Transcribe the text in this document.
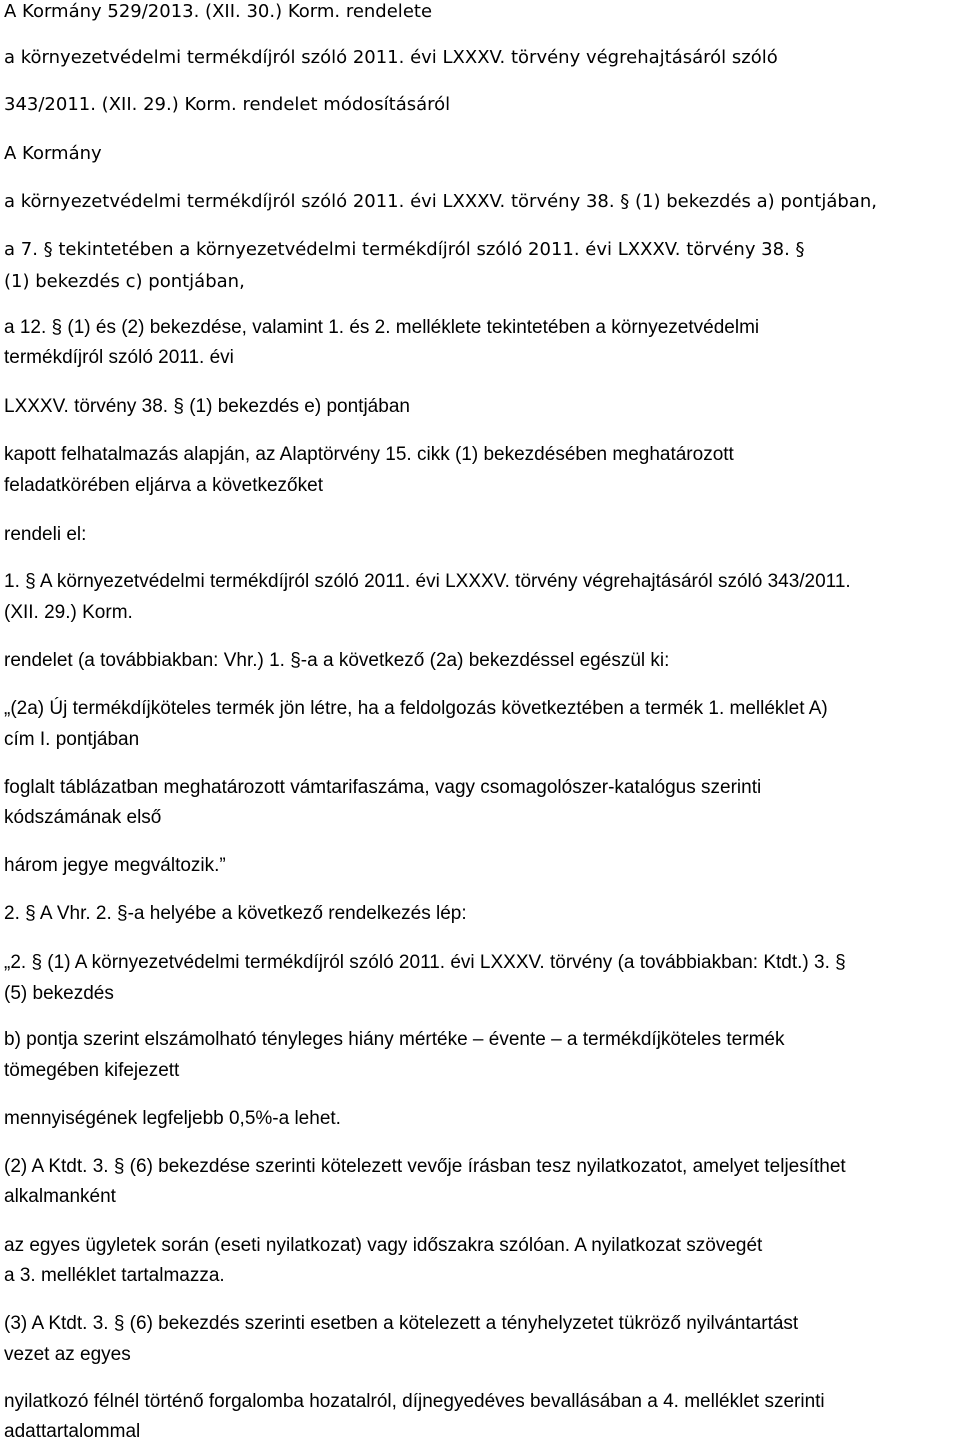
A Kormány 529/2013. (XII. 30.) Korm. rendelete
a környezetvédelmi termékdíjról szóló 2011. évi LXXXV. törvény végrehajtásáról szóló
343/2011. (XII. 29.) Korm. rendelet módosításáról
A Kormány
a környezetvédelmi termékdíjról szóló 2011. évi LXXXV. törvény 38. § (1) bekezdés a) pontjában,
a 7. § tekintetében a környezetvédelmi termékdíjról szóló 2011. évi LXXXV. törvény 38. §
(1) bekezdés c) pontjában,
a 12. § (1) és (2) bekezdése, valamint 1. és 2. melléklete tekintetében a környezetvédelmi
termékdíjról szóló 2011. évi
LXXXV. törvény 38. § (1) bekezdés e) pontjában
kapott felhatalmazás alapján, az Alaptörvény 15. cikk (1) bekezdésében meghatározott
feladatkörében eljárva a következőket
rendeli el:
1. § A környezetvédelmi termékdíjról szóló 2011. évi LXXXV. törvény végrehajtásáról szóló 343/2011.
(XII. 29.) Korm.
rendelet (a továbbiakban: Vhr.) 1. §-a a következő (2a) bekezdéssel egészül ki:
„(2a) Új termékdíjköteles termék jön létre, ha a feldolgozás következtében a termék 1. melléklet A)
cím I. pontjában
foglalt táblázatban meghatározott vámtarifaszáma, vagy csomagolószer-katalógus szerinti
kódszámának első
három jegye megváltozik.”
2. § A Vhr. 2. §-a helyébe a következő rendelkezés lép:
„2. § (1) A környezetvédelmi termékdíjról szóló 2011. évi LXXXV. törvény (a továbbiakban: Ktdt.) 3. §
(5) bekezdés
b) pontja szerint elszámolható tényleges hiány mértéke – évente – a termékdíjköteles termék
tömegében kifejezett
mennyiségének legfeljebb 0,5%-a lehet.
(2) A Ktdt. 3. § (6) bekezdése szerinti kötelezett vevője írásban tesz nyilatkozatot, amelyet teljesíthet
alkalmanként
az egyes ügyletek során (eseti nyilatkozat) vagy időszakra szólóan. A nyilatkozat szövegét
a 3. melléklet tartalmazza.
(3) A Ktdt. 3. § (6) bekezdés szerinti esetben a kötelezett a tényhelyzetet tükröző nyilvántartást
vezet az egyes
nyilatkozó félnél történő forgalomba hozatalról, díjnegyedéves bevallásában a 4. melléklet szerinti
adattartalommal
